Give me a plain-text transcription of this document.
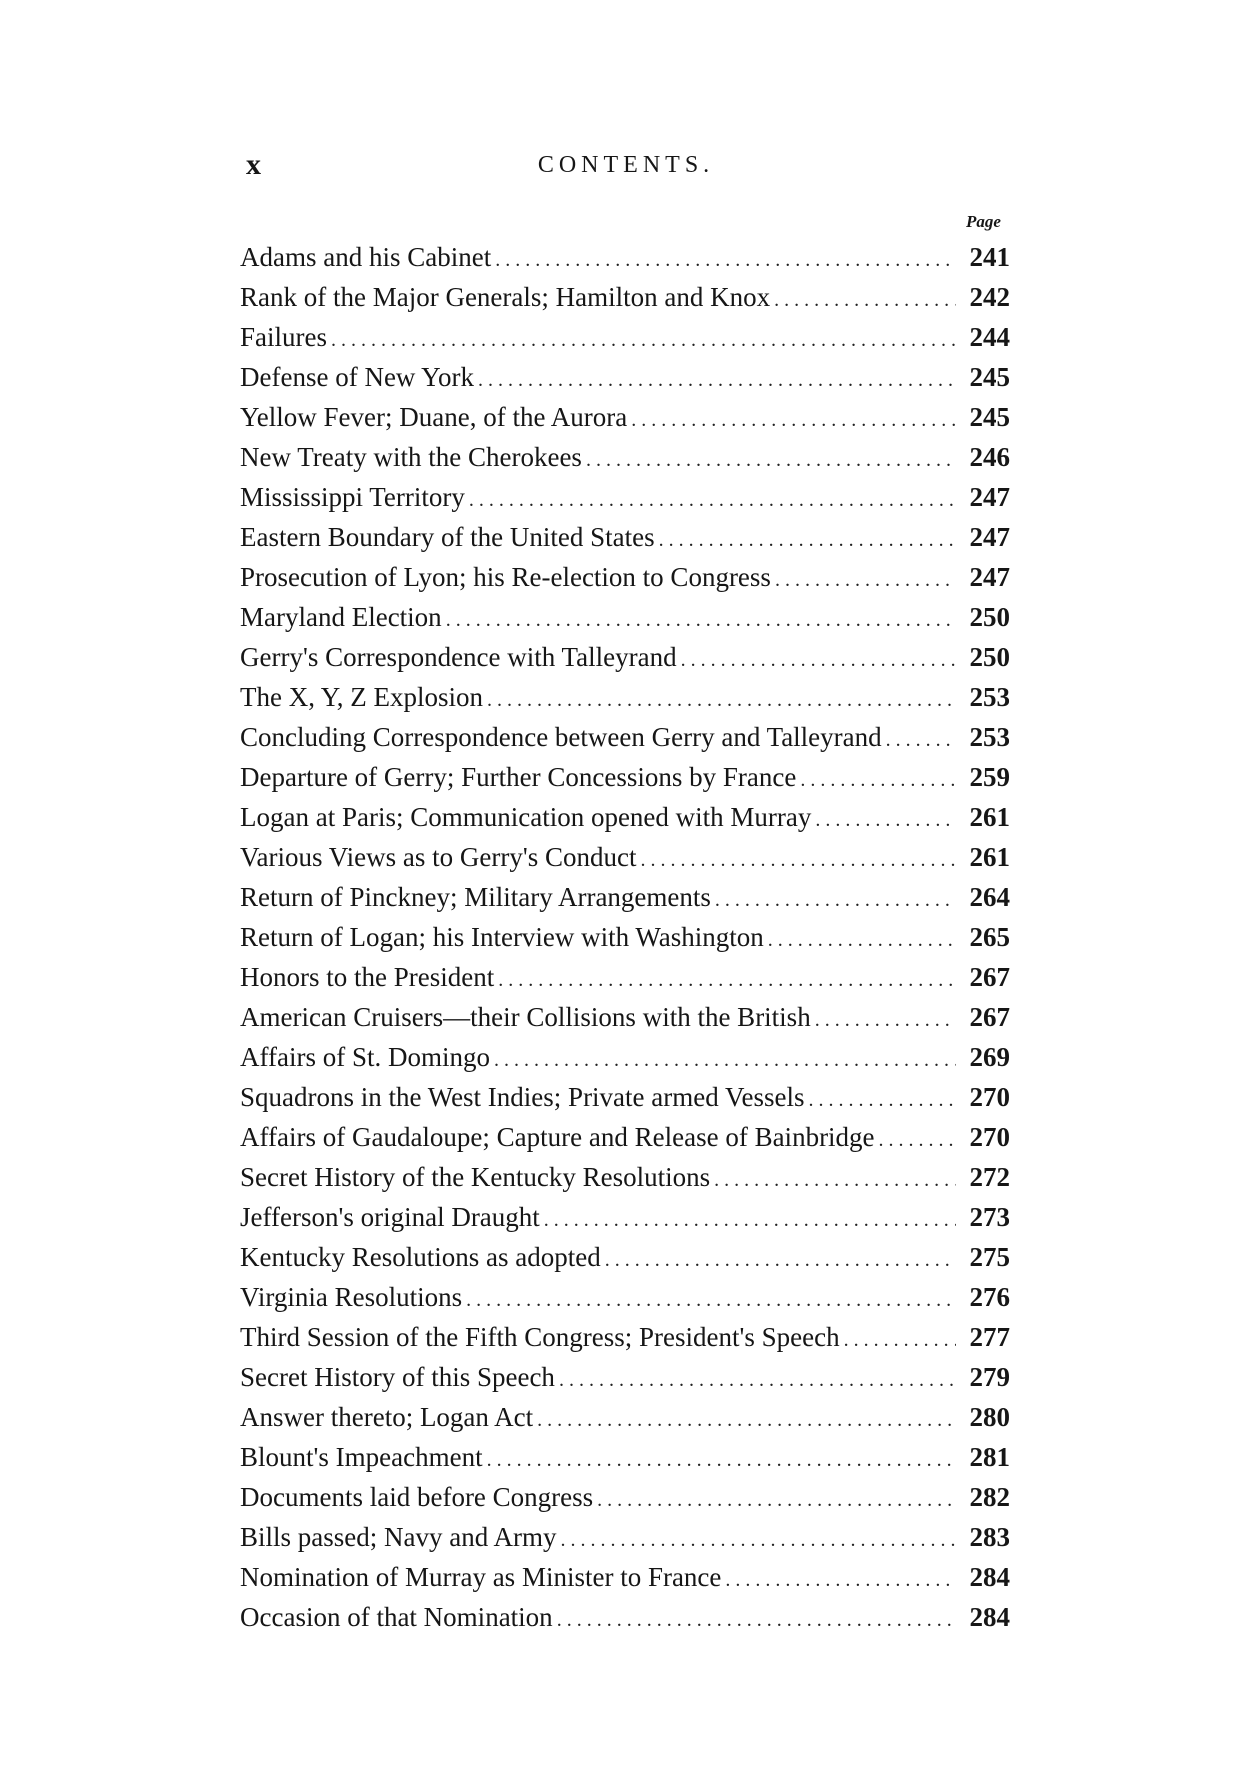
x	CONTENTS.
Page
Adams and his Cabinet .....	241
Rank of the Major Generals; Hamilton and Knox .....	242
Failures .....	244
Defense of New York .....	245
Yellow Fever; Duane, of the Aurora .....	245
New Treaty with the Cherokees .....	246
Mississippi Territory .....	247
Eastern Boundary of the United States .....	247
Prosecution of Lyon; his Re-election to Congress .....	247
Maryland Election .....	250
Gerry's Correspondence with Talleyrand .....	250
The X, Y, Z Explosion .....	253
Concluding Correspondence between Gerry and Talleyrand .....	253
Departure of Gerry; Further Concessions by France .....	259
Logan at Paris; Communication opened with Murray .....	261
Various Views as to Gerry's Conduct .....	261
Return of Pinckney; Military Arrangements .....	264
Return of Logan; his Interview with Washington .....	265
Honors to the President .....	267
American Cruisers—their Collisions with the British .....	267
Affairs of St. Domingo .....	269
Squadrons in the West Indies; Private armed Vessels .....	270
Affairs of Gaudaloupe; Capture and Release of Bainbridge .....	270
Secret History of the Kentucky Resolutions .....	272
Jefferson's original Draught .....	273
Kentucky Resolutions as adopted .....	275
Virginia Resolutions .....	276
Third Session of the Fifth Congress; President's Speech .....	277
Secret History of this Speech .....	279
Answer thereto; Logan Act .....	280
Blount's Impeachment .....	281
Documents laid before Congress .....	282
Bills passed; Navy and Army .....	283
Nomination of Murray as Minister to France .....	284
Occasion of that Nomination .....	284
